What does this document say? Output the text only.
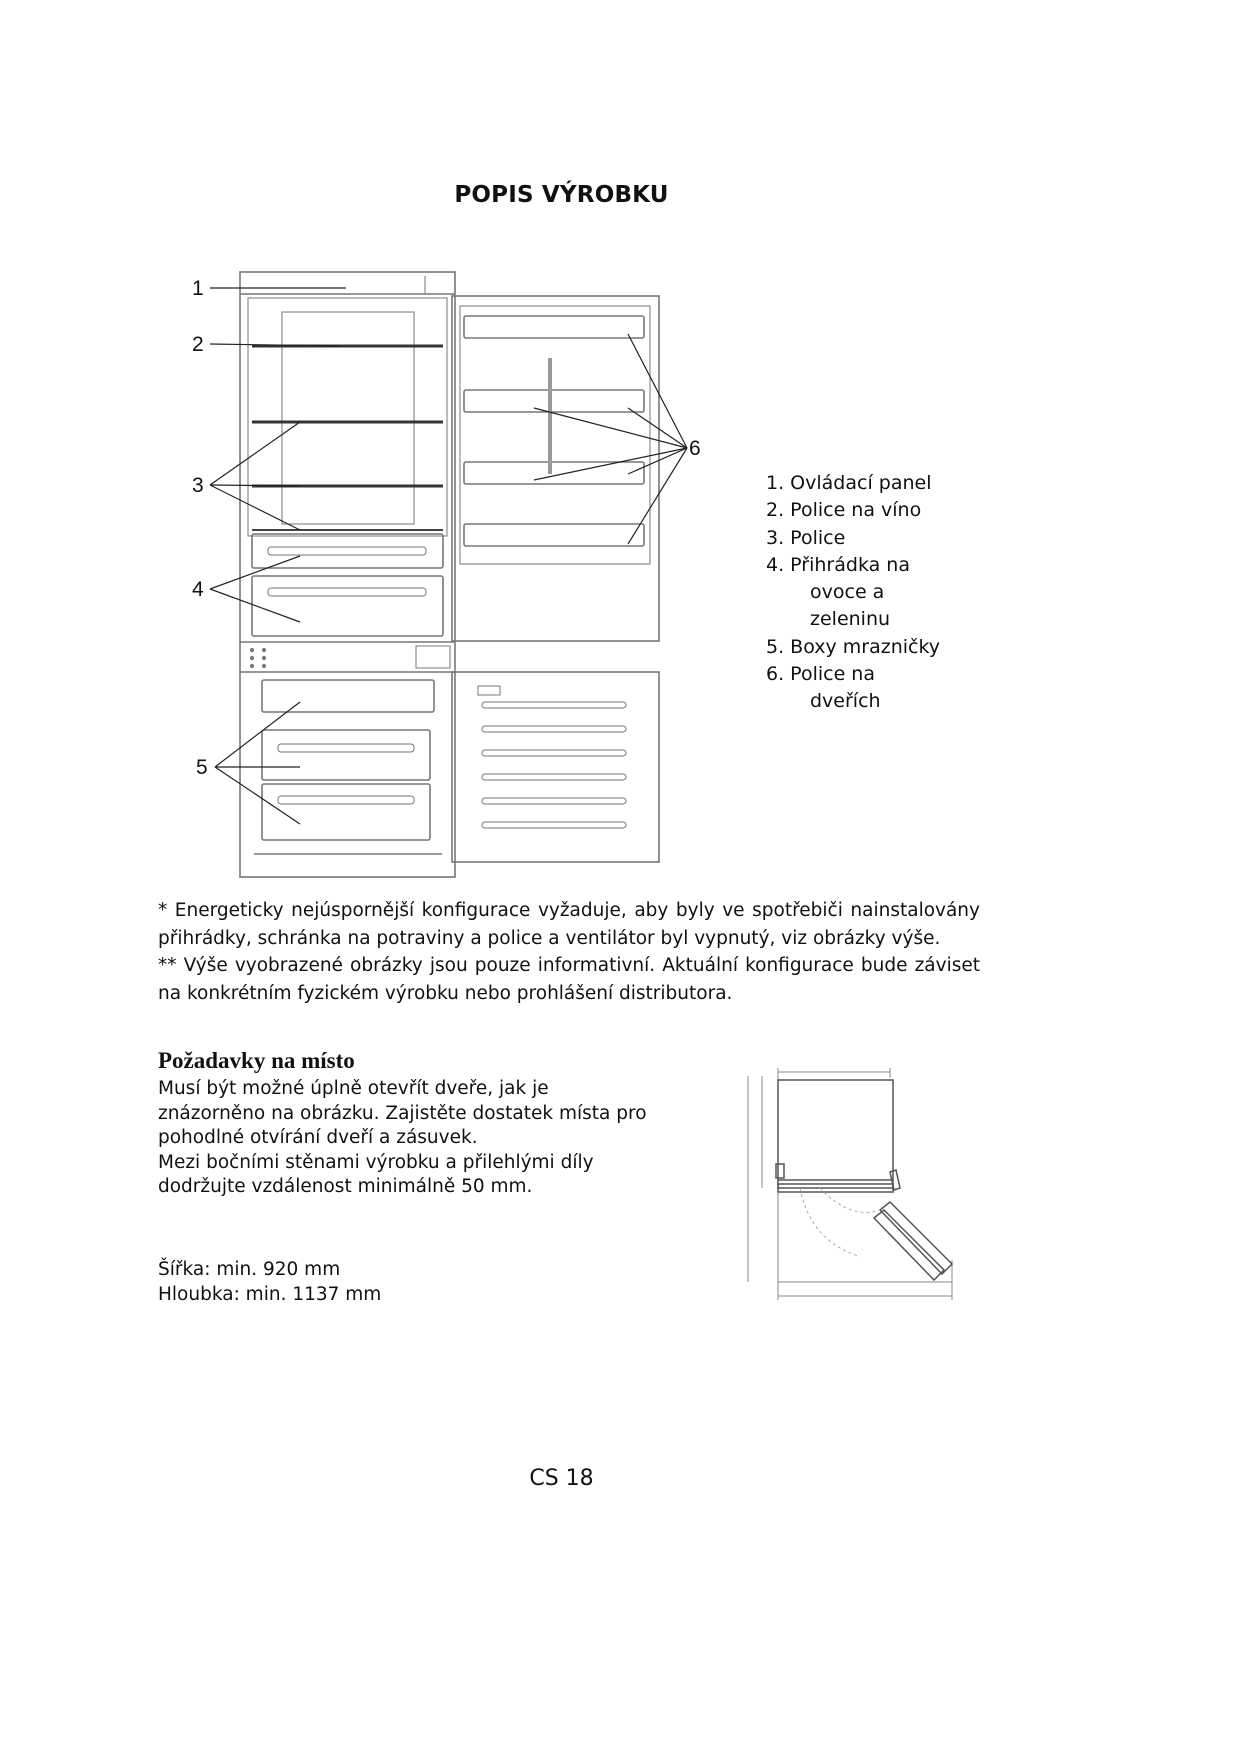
POPIS VÝROBKU
1
2
3
4
5
6
1. Ovládací panel
2. Police na víno
3. Police
4. Přihrádka na
ovoce a
zeleninu
5. Boxy mrazničky
6. Police na
dveřích

* Energeticky nejúspornější konfigurace vyžaduje, aby byly ve spotřebiči nainstalovány přihrádky, schránka na potraviny a police a ventilátor byl vypnutý, viz obrázky výše.

** Výše vyobrazené obrázky jsou pouze informativní. Aktuální konfigurace bude záviset na konkrétním fyzickém výrobku nebo prohlášení distributora.

Požadavky na místo

Musí být možné úplně otevřít dveře, jak je

znázorněno na obrázku. Zajistěte dostatek místa pro

pohodlné otvírání dveří a zásuvek.

Mezi bočními stěnami výrobku a přilehlými díly

dodržujte vzdálenost minimálně 50 mm.

Šířka: min. 920 mm

Hloubka: min. 1137 mm

CS 18
